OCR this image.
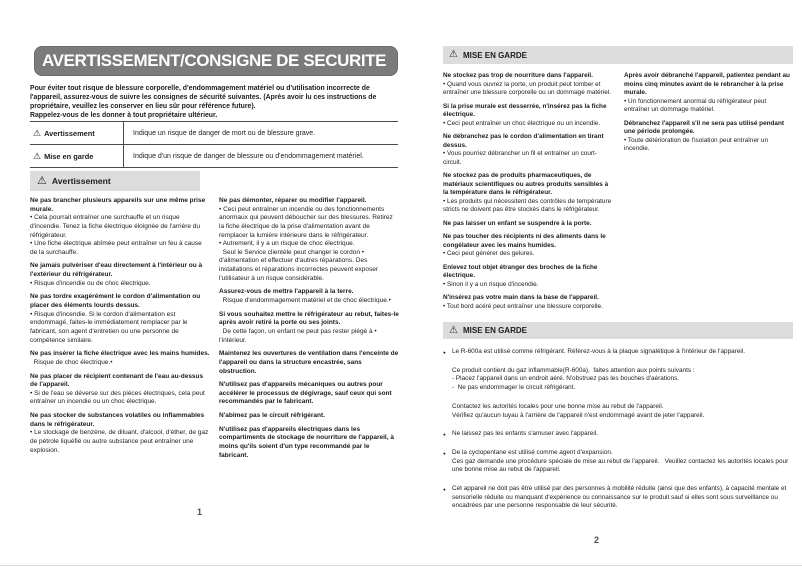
AVERTISSEMENT/CONSIGNE DE SECURITE

Pour éviter tout risque de blessure corporelle, d'endommagement matériel ou d'utilisation incorrecte de l'appareil, assurez-vous de suivre les consignes de sécurité suivantes. (Après avoir lu ces instructions de propriétaire, veuillez les conserver en lieu sûr pour référence future).

Rappelez-vous de les donner à tout propriétaire ultérieur.

⚠ Avertissement	Indique un risque de danger de mort ou de blessure grave.
⚠ Mise en garde	Indique d'un risque de danger de blessure ou d'endommagement matériel.
⚠ Avertissement

Ne pas brancher plusieurs appareils sur une même prise murale.

• Cela pourrait entraîner une surchauffe et un risque d'incendie. Tenez la fiche électrique éloignée de l'arrière du réfrigérateur.

• Une fiche électrique abîmée peut entraîner un feu à cause de la surchauffe.

Ne jamais pulvériser d'eau directement à l'intérieur ou à l'extérieur du réfrigérateur.

• Risque d'incendie ou de choc électrique.

Ne pas tordre exagérément le cordon d'alimentation ou placer des éléments lourds dessus.

• Risque d'incendie. Si le cordon d'alimentation est endommagé, faites-le immédiatement remplacer par le fabricant, son agent d'entretien ou une personne de compétence similaire.

Ne pas insérer la fiche électrique avec les mains humides.

Risque de choc électrique.•

Ne pas placer de récipient contenant de l'eau au-dessus de l'appareil.

• Si de l'eau se déverse sur des pièces électriques, cela peut entraîner un incendie ou un choc électrique.

Ne pas stocker de substances volatiles ou inflammables dans le réfrigérateur.

• Le stockage de benzène, de diluant, d'alcool, d'éther, de gaz de pétrole liquéfié ou autre substance peut entraîner une explosion.

Ne pas démonter, réparer ou modifier l'appareil.

• Ceci peut entraîner un incendie ou des fonctionnements anormaux qui peuvent déboucher sur des blessures. Retirez la fiche électrique de la prise d'alimentation avant de remplacer la lumière intérieure dans le réfrigérateur.

• Autrement, il y a un risque de choc électrique.

Seul le Service clientèle peut changer le cordon • d'alimentation et effectuer d'autres réparations. Des installations et réparations incorrectes peuvent exposer l'utilisateur à un risque considérable.

Assurez-vous de mettre l'appareil à la terre.

Risque d'endommagement matériel et de choc électrique.•

Si vous souhaitez mettre le réfrigérateur au rebut, faites-le après avoir retiré la porte ou ses joints.

De cette façon, un enfant ne peut pas rester piégé à • l'intérieur.

Maintenez les ouvertures de ventilation dans l'enceinte de l'appareil ou dans la structure encastrée, sans obstruction.

N'utilisez pas d'appareils mécaniques ou autres pour accélérer le processus de dégivrage, sauf ceux qui sont recommandés par le fabricant.

N'abîmez pas le circuit réfrigérant.

N'utilisez pas d'appareils électriques dans les compartiments de stockage de nourriture de l'appareil, à moins qu'ils soient d'un type recommandé par le fabricant.

1
⚠ MISE EN GARDE

Ne stockez pas trop de nourriture dans l'appareil.

• Quand vous ouvrez la porte, un produit peut tomber et entraîner une blessure corporelle ou un dommage matériel.

Si la prise murale est desserrée, n'insérez pas la fiche électrique.

• Ceci peut entraîner un choc électrique ou un incendie.

Ne débranchez pas le cordon d'alimentation en tirant dessus.

• Vous pourriez débrancher un fil et entraîner un court-circuit.

Ne stockez pas de produits pharmaceutiques, de matériaux scientifiques ou autres produits sensibles à la température dans le réfrigérateur.

• Les produits qui nécessitent des contrôles de température stricts ne doivent pas être stockés dans le réfrigérateur.

Ne pas laisser un enfant se suspendre à la porte.

Ne pas toucher des récipients ni des aliments dans le congélateur avec les mains humides.

• Ceci peut générer des gelures.

Enlevez tout objet étranger des broches de la fiche électrique.

• Sinon il y a un risque d'incendie.

N'insérez pas votre main dans la base de l'appareil.

• Tout bord acéré peut entraîner une blessure corporelle.

Après avoir débranché l'appareil, patientez pendant au moins cinq minutes avant de le rebrancher à la prise murale.

• Un fonctionnement anormal du réfrigérateur peut entraîner un dommage matériel.

Débranchez l'appareil s'il ne sera pas utilisé pendant une période prolongée.

• Toute détérioration de l'isolation peut entraîner un incendie.

⚠ MISE EN GARDE
● Le R-600a est utilisé comme réfrigérant. Référez-vous à la plaque signalétique à l'intérieur de l'appareil.

Ce produit contient du gaz inflammable(R-600a),  faites attention aux points suivants :

- Placez l'appareil dans un endroit aéré. N'obstruez pas les bouches d'aérations.

-  Ne pas endommager le circuit réfrigérant.

Contactez les autorités locales pour une bonne mise au rebut de l'appareil.

Vérifiez qu'aucun tuyau à l'arrière de l'appareil n'est endommagé avant de jeter l'appareil.

● Ne laissez pas les enfants s'amuser avec l'appareil.

● De la cyclopentane est utilisé comme agent d'expansion.

Ces gaz demande une procédure spéciale de mise au rebut de l'appareil.   Veuillez contactez les autorités locales pour une bonne mise au rebut de l'appareil.

● Cet appareil ne doit pas être utilisé par des personnes à mobilité réduite (ainsi que des enfants), à capacité mentale et sensorielle réduite ou manquant d'expérience ou connaissance sur le produit sauf si elles sont sous surveillance ou encadrées par une personne responsable de leur sécurité.

2
